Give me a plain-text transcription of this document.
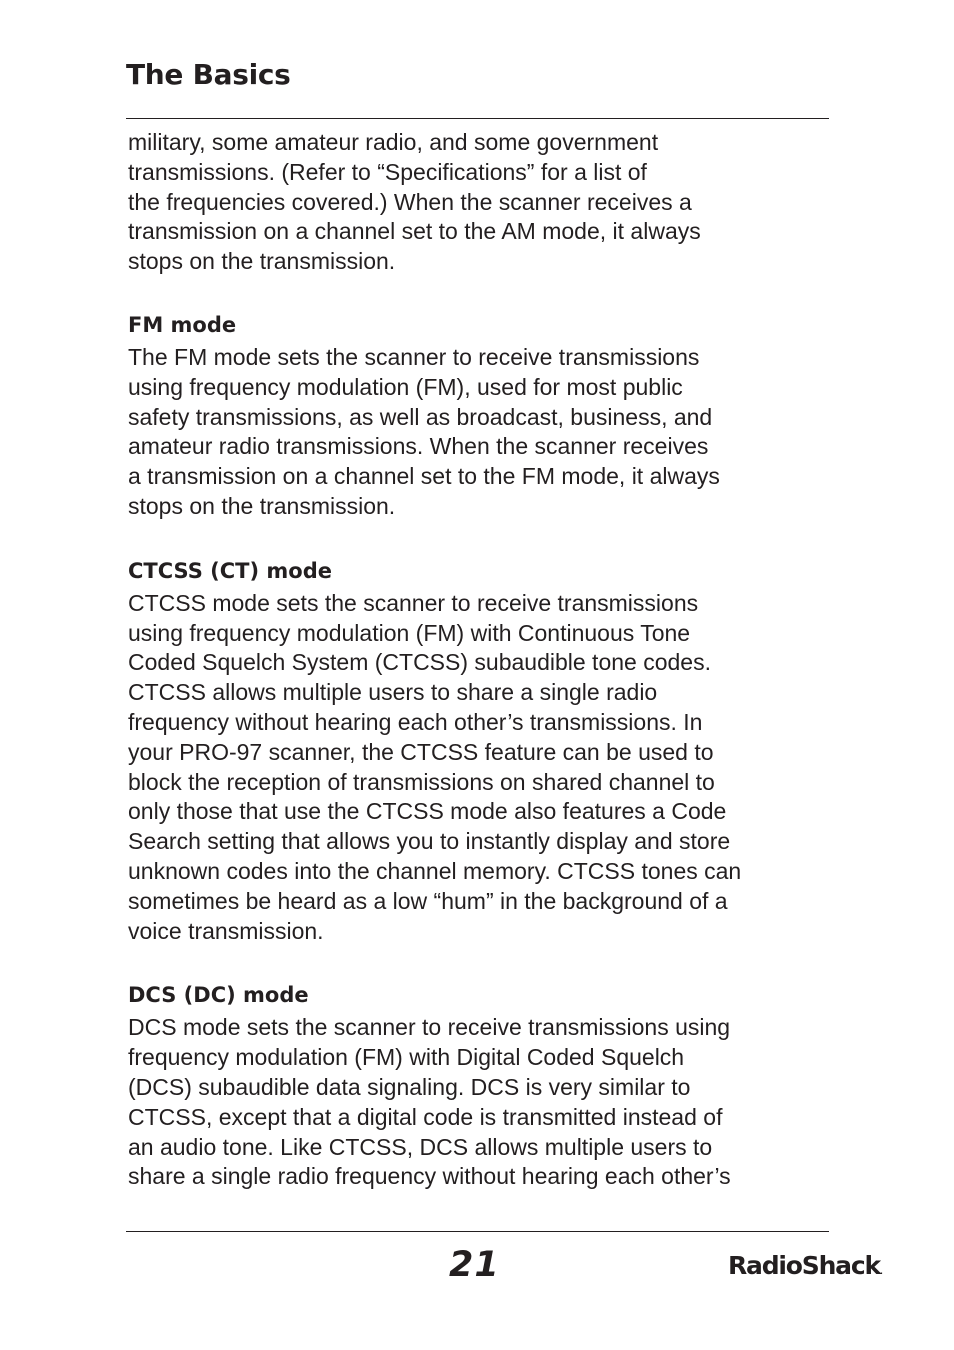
The Basics

military, some amateur radio, and some government
transmissions. (Refer to “Specifications” for a list of
the frequencies covered.) When the scanner receives a
transmission on a channel set to the AM mode, it always
stops on the transmission.

FM mode

The FM mode sets the scanner to receive transmissions
using frequency modulation (FM), used for most public
safety transmissions, as well as broadcast, business, and
amateur radio transmissions. When the scanner receives
a transmission on a channel set to the FM mode, it always
stops on the transmission.

CTCSS (CT) mode

CTCSS mode sets the scanner to receive transmissions
using frequency modulation (FM) with Continuous Tone
Coded Squelch System (CTCSS) subaudible tone codes.
CTCSS allows multiple users to share a single radio
frequency without hearing each other’s transmissions. In
your PRO-97 scanner, the CTCSS feature can be used to
block the reception of transmissions on shared channel to
only those that use the CTCSS mode also features a Code
Search setting that allows you to instantly display and store
unknown codes into the channel memory. CTCSS tones can
sometimes be heard as a low “hum” in the background of a
voice transmission.

DCS (DC) mode

DCS mode sets the scanner to receive transmissions using
frequency modulation (FM) with Digital Coded Squelch
(DCS) subaudible data signaling. DCS is very similar to
CTCSS, except that a digital code is transmitted instead of
an audio tone. Like CTCSS, DCS allows multiple users to
share a single radio frequency without hearing each other’s

21	RadioShack.
